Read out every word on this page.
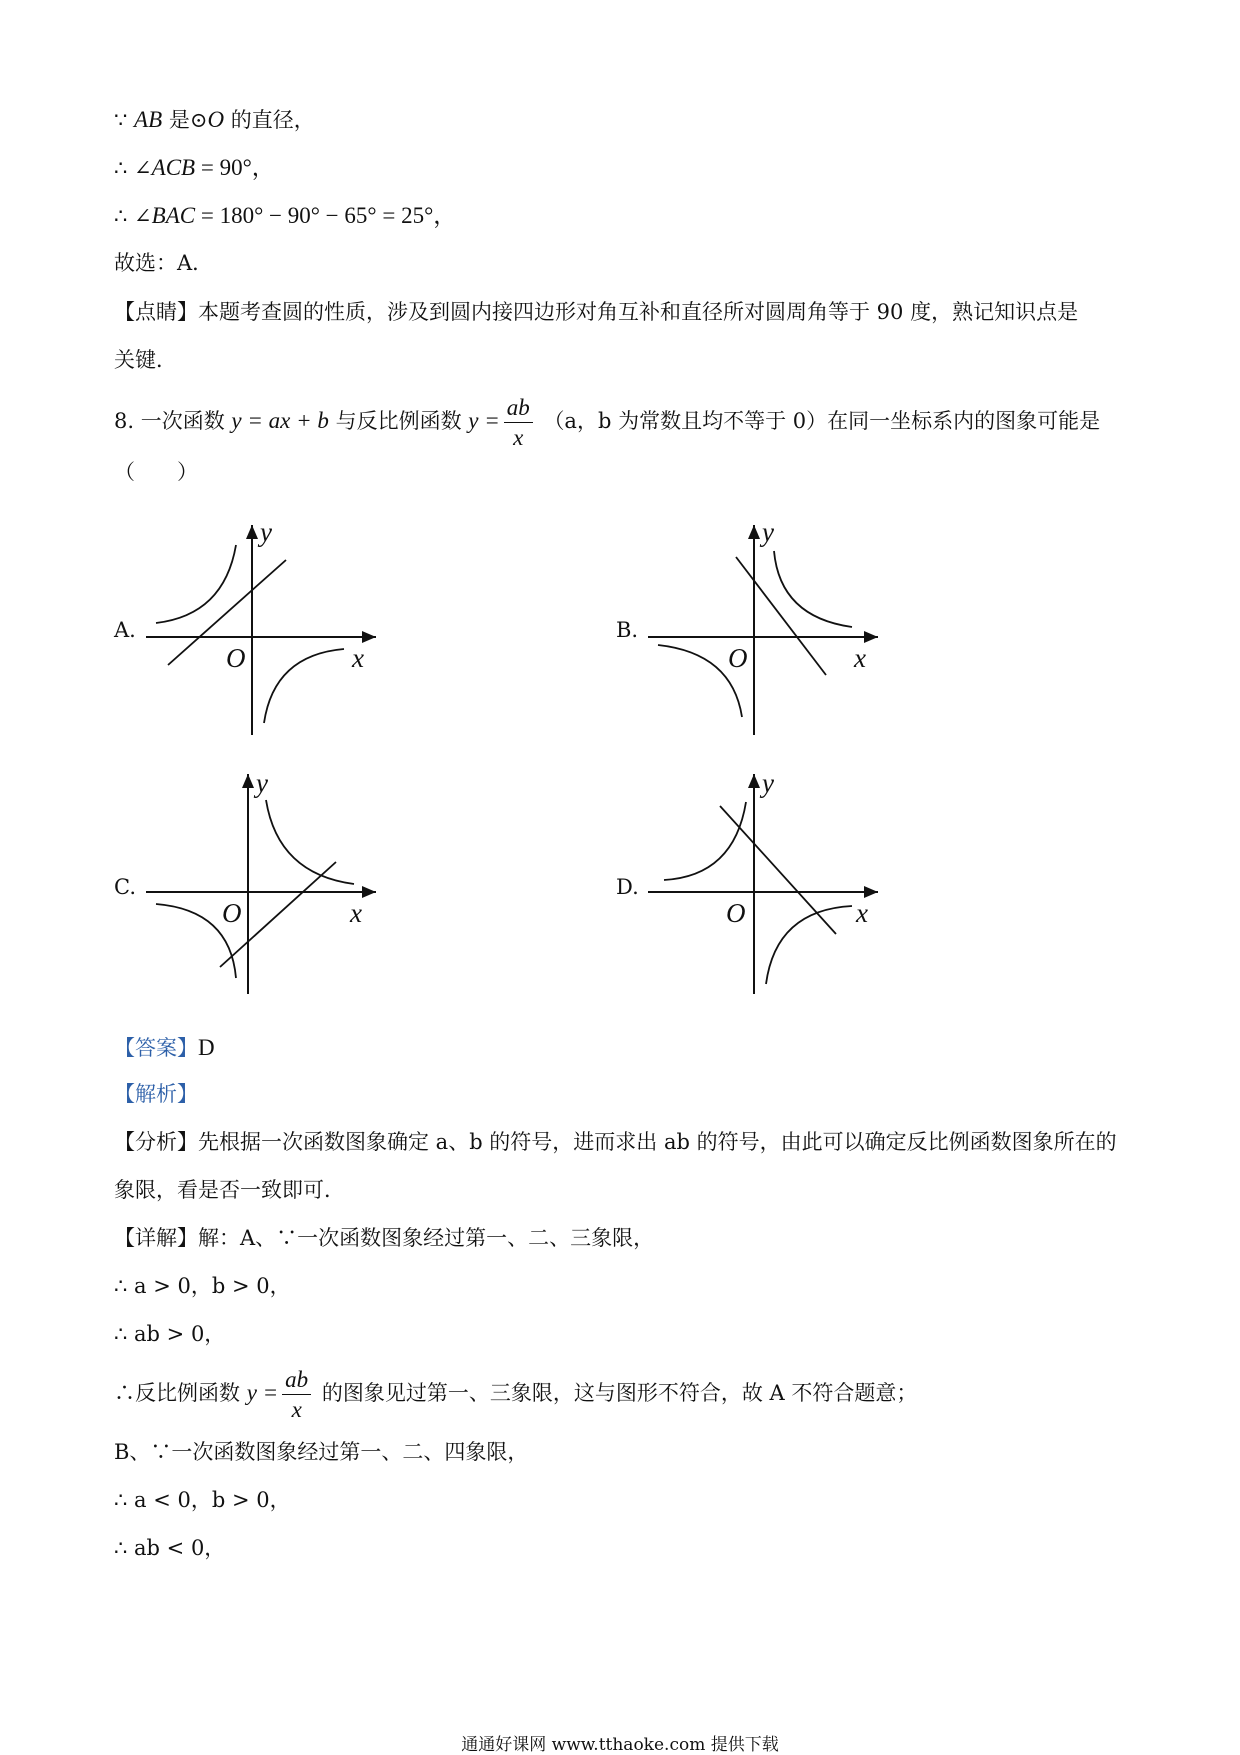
∵ AB 是⊙O 的直径，
∴ ∠ACB = 90°，
∴ ∠BAC = 180° − 90° − 65° = 25°，
故选：A．
【点睛】本题考查圆的性质，涉及到圆内接四边形对角互补和直径所对圆周角等于 90 度，熟记知识点是
关键．
8. 一次函数 y = ax + b 与反比例函数 $y = \frac{ab}{x} (a$，b 为常数且均不等于 0）在同一坐标系内的图象可能是
（　　）
A.
y
x
O
B.
y
x
O
C.
y
x
O
D.
y
x
O
【答案】D
【解析】
【分析】先根据一次函数图象确定 a、b 的符号，进而求出 ab 的符号，由此可以确定反比例函数图象所在的
象限，看是否一致即可．
【详解】解：A、∵一次函数图象经过第一、二、三象限，
∴ a > 0，b > 0，
∴ ab > 0，
∴反比例函数 $y = \frac{ab}{x}$ 的图象见过第一、三象限，这与图形不符合，故 A 不符合题意；
B、∵一次函数图象经过第一、二、四象限，
∴ a < 0，b > 0，
∴ ab < 0，
通通好课网 www.tthaoke.com 提供下载
